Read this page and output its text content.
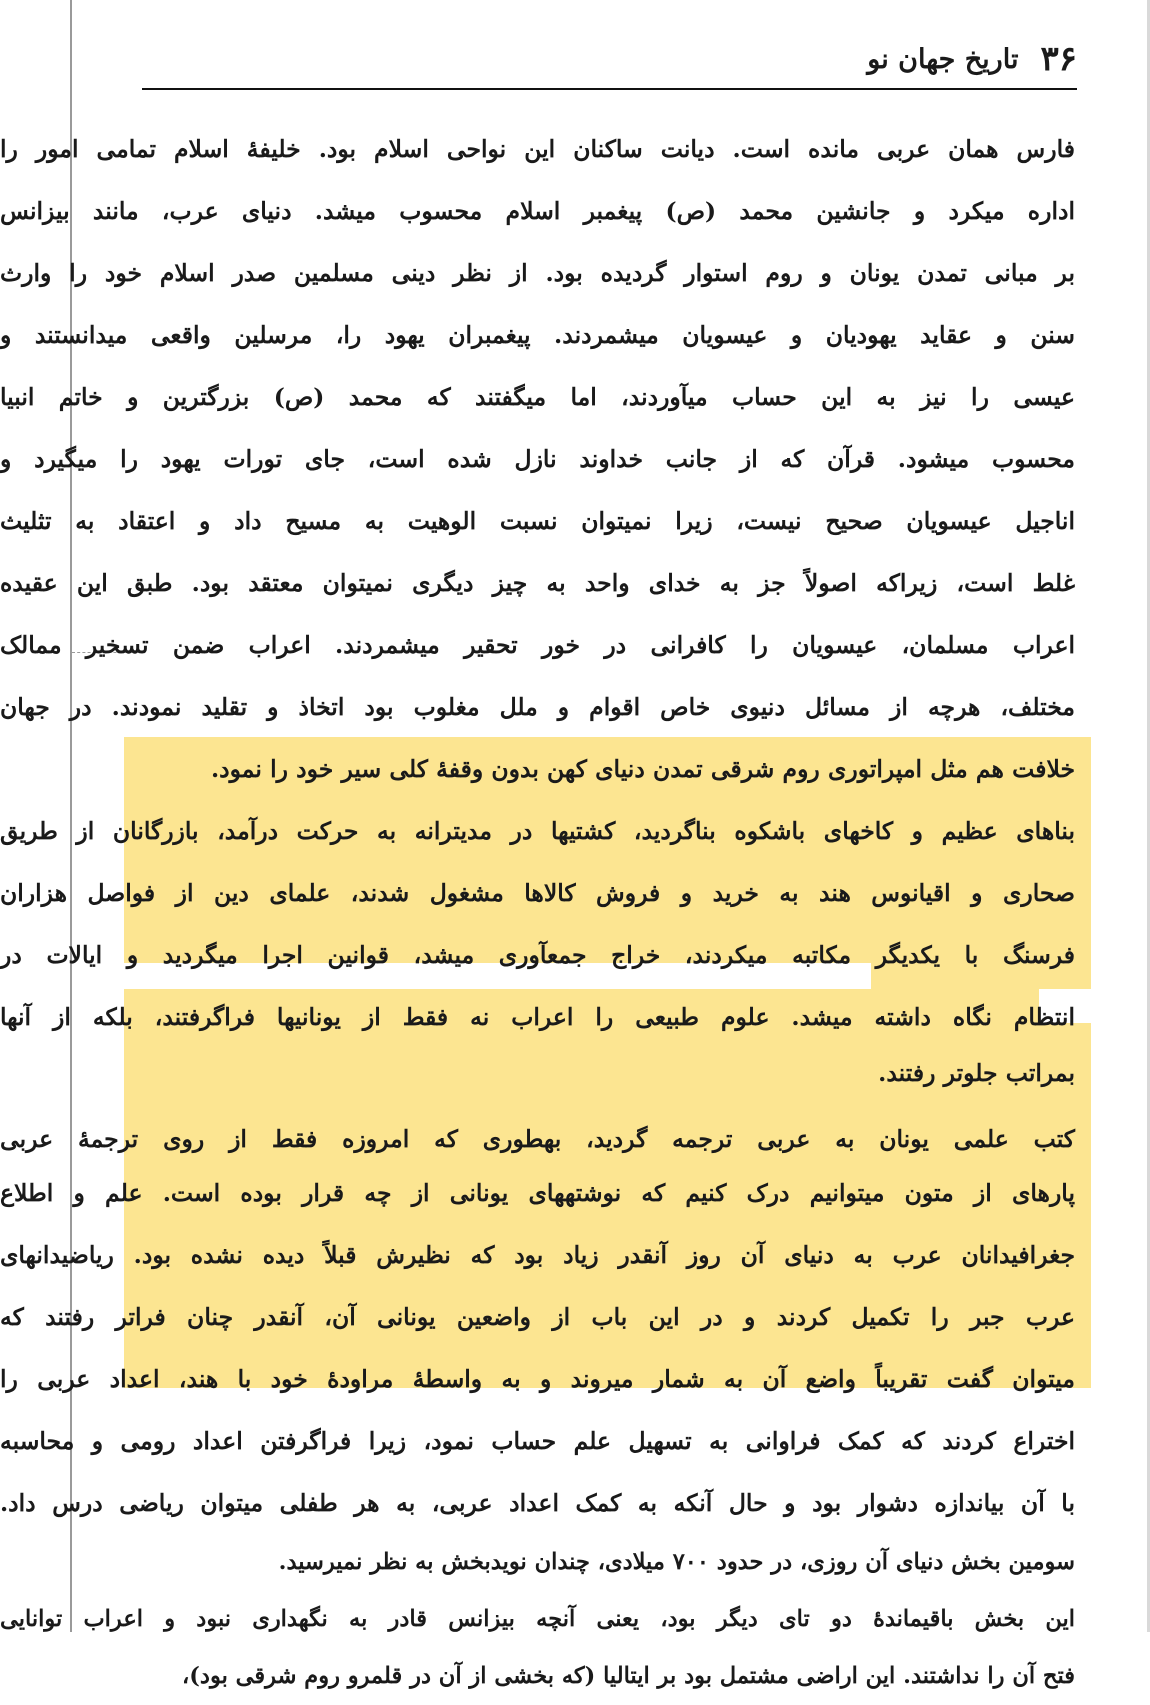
۳۶
تاریخ جهان نو
فارس همان عربی مانده است. دیانت ساکنان این نواحی اسلام بود. خلیفهٔ اسلام تمامی امور را
اداره میکرد و جانشین محمد (ص) پیغمبر اسلام محسوب میشد. دنیای عرب، مانند بیزانس
بر مبانی تمدن یونان و روم استوار گردیده بود. از نظر دینی مسلمین صدر اسلام خود را وارث
سنن و عقاید یهودیان و عیسویان میشمردند. پیغمبران یهود را، مرسلین واقعی میدانستند و
عیسی را نیز به این حساب میآوردند، اما میگفتند که محمد (ص) بزرگترین و خاتم انبیا
محسوب میشود. قرآن که از جانب خداوند نازل شده است، جای تورات یهود را میگیرد و
اناجیل عیسویان صحیح نیست، زیرا نمیتوان نسبت الوهیت به مسیح داد و اعتقاد به تثلیث
غلط است، زیراکه اصولاً جز به خدای واحد به چیز دیگری نمیتوان معتقد بود. طبق این عقیده
اعراب مسلمان، عیسویان را کافرانی در خور تحقیر میشمردند. اعراب ضمن تسخیر ممالک
مختلف، هرچه از مسائل دنیوی خاص اقوام و ملل مغلوب بود اتخاذ و تقلید نمودند. در جهان
خلافت هم مثل امپراتوری روم شرقی تمدن دنیای کهن بدون وقفهٔ کلی سیر خود را نمود.
بناهای عظیم و کاخهای باشکوه بناگردید، کشتیها در مدیترانه به حرکت درآمد، بازرگانان از طریق
صحاری و اقیانوس هند به خرید و فروش کالاها مشغول شدند، علمای دین از فواصل هزاران
فرسنگ با یکدیگر مکاتبه میکردند، خراج جمعآوری میشد، قوانین اجرا میگردید و ایالات در
انتظام نگاه داشته میشد. علوم طبیعی را اعراب نه فقط از یونانیها فراگرفتند، بلکه از آنها
بمراتب جلوتر رفتند.
کتب علمی یونان به عربی ترجمه گردید، بهطوری که امروزه فقط از روی ترجمهٔ عربی
پارهای از متون میتوانیم درک کنیم که نوشتههای یونانی از چه قرار بوده است. علم و اطلاع
جغرافیدانان عرب به دنیای آن روز آنقدر زیاد بود که نظیرش قبلاً دیده نشده بود. ریاضیدانهای
عرب جبر را تکمیل کردند و در این باب از واضعین یونانی آن، آنقدر چنان فراتر رفتند که
میتوان گفت تقریباً واضع آن به شمار میروند و به واسطهٔ مراودهٔ خود با هند، اعداد عربی را
اختراع کردند که کمک فراوانی به تسهیل علم حساب نمود، زیرا فراگرفتن اعداد رومی و محاسبه
با آن بیاندازه دشوار بود و حال آنکه به کمک اعداد عربی، به هر طفلی میتوان ریاضی درس داد.
سومین بخش دنیای آن روزی، در حدود ۷۰۰ میلادی، چندان نویدبخش به نظر نمیرسید.
این بخش باقیماندهٔ دو تای دیگر بود، یعنی آنچه بیزانس قادر به نگهداری نبود و اعراب توانایی
فتح آن را نداشتند. این اراضی مشتمل بود بر ایتالیا (که بخشی از آن در قلمرو روم شرقی بود)،
